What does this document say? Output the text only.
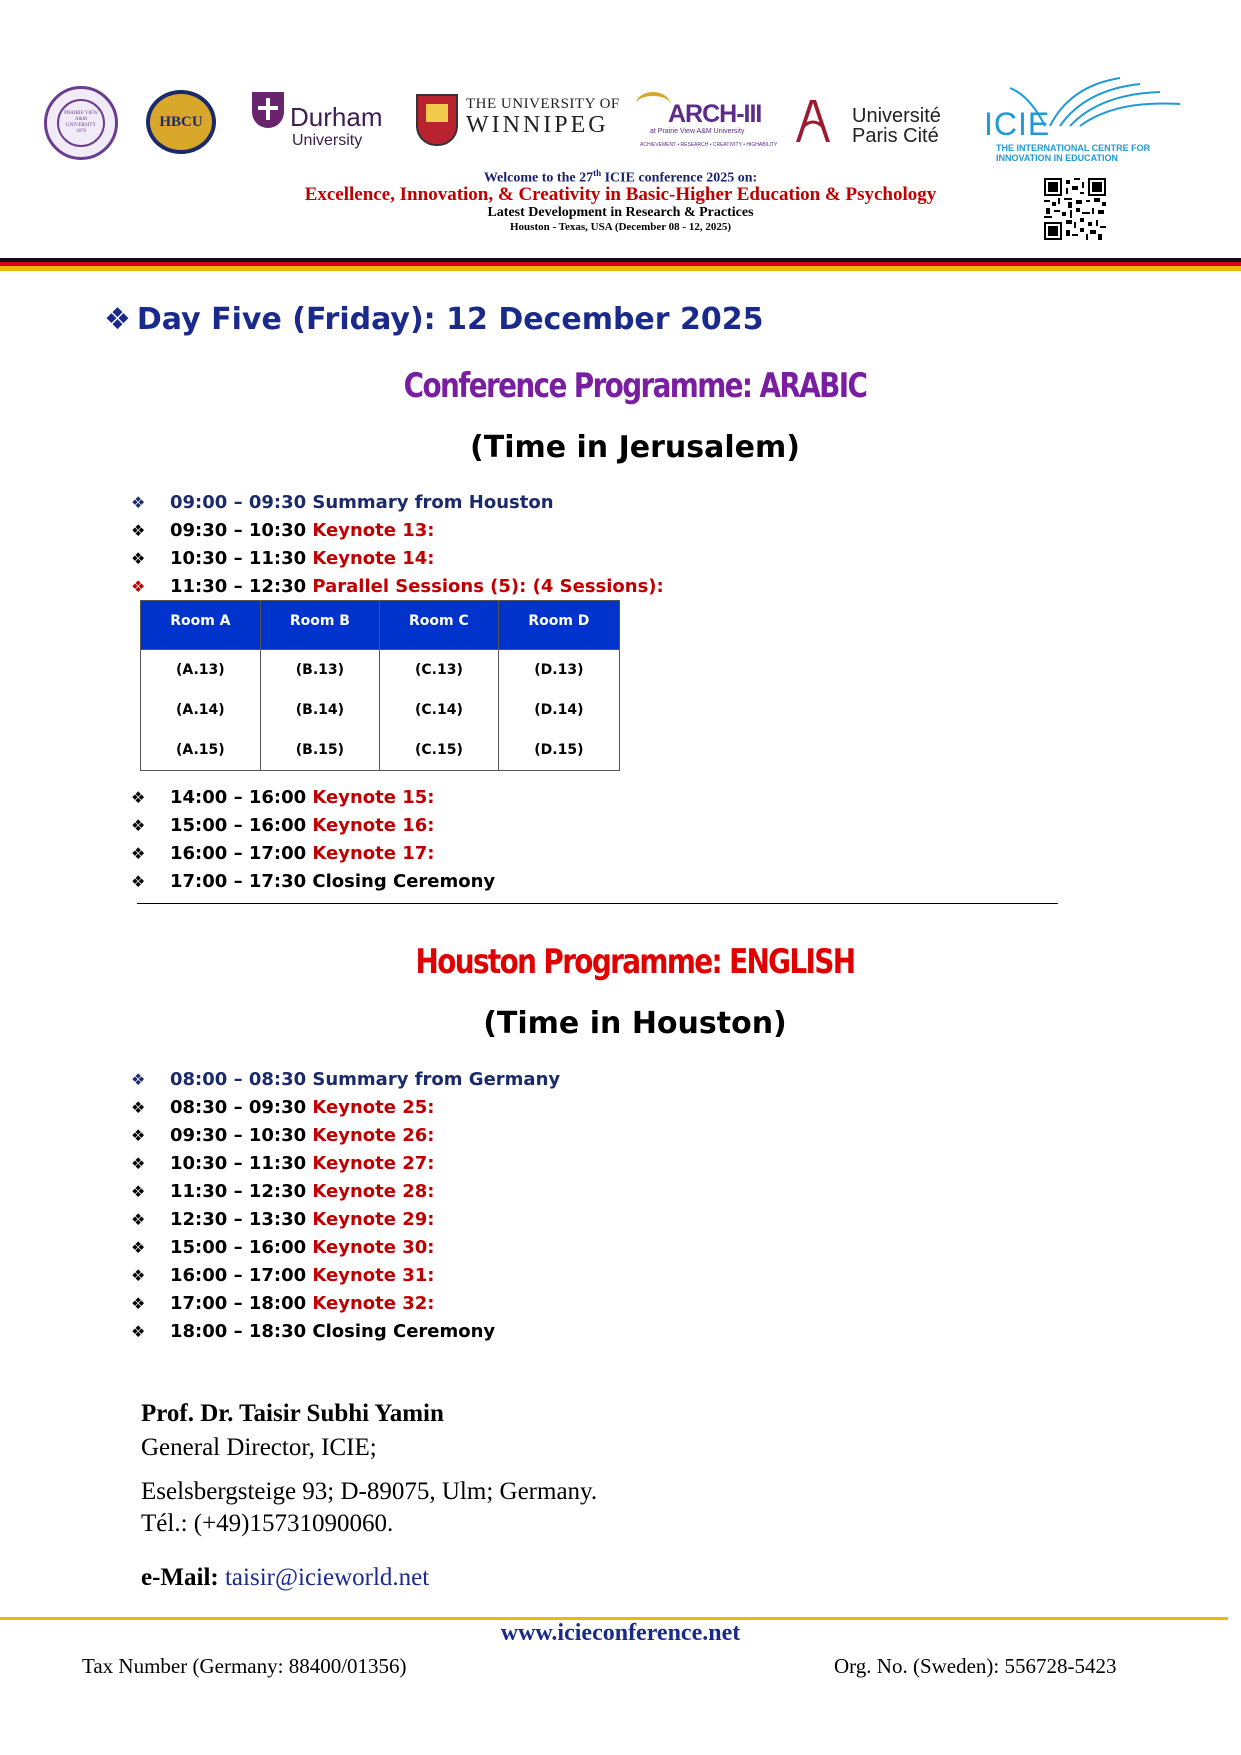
PRAIRIE VIEW A&M UNIVERSITY 1876
HBCU	Durham
University
THE UNIVERSITY OF
WINNIPEG ARCH-III
at Prairie View A&M University
ACHIEVEMENT • RESEARCH • CREATIVITY • HIGHABILITY
Université
Paris Cité ICIE
THE INTERNATIONAL CENTRE FOR
INNOVATION IN EDUCATION
Welcome to the 27th ICIE conference 2025 on:
Excellence, Innovation, & Creativity in Basic-Higher Education & Psychology
Latest Development in Research & Practices
Houston - Texas, USA (December 08 - 12, 2025)
❖ Day Five (Friday): 12 December 2025
Conference Programme: ARABIC
(Time in Jerusalem)
❖ 09:00 – 09:30 Summary from Houston
❖ 09:30 – 10:30 Keynote 13:
❖ 10:30 – 11:30 Keynote 14:
❖ 11:30 – 12:30 Parallel Sessions (5): (4 Sessions):
Room A	Room B	Room C	Room D
(A.13)	(B.13)	(C.13)	(D.13)
(A.14)	(B.14)	(C.14)	(D.14)
(A.15)	(B.15)	(C.15)	(D.15)
❖ 14:00 – 16:00 Keynote 15:
❖ 15:00 – 16:00 Keynote 16:
❖ 16:00 – 17:00 Keynote 17:
❖ 17:00 – 17:30 Closing Ceremony
Houston Programme: ENGLISH
(Time in Houston)
❖ 08:00 – 08:30 Summary from Germany
❖ 08:30 – 09:30 Keynote 25:
❖ 09:30 – 10:30 Keynote 26:
❖ 10:30 – 11:30 Keynote 27:
❖ 11:30 – 12:30 Keynote 28:
❖ 12:30 – 13:30 Keynote 29:
❖ 15:00 – 16:00 Keynote 30:
❖ 16:00 – 17:00 Keynote 31:
❖ 17:00 – 18:00 Keynote 32:
❖ 18:00 – 18:30 Closing Ceremony
Prof. Dr. Taisir Subhi Yamin
General Director, ICIE;
Eselsbergsteige 93; D-89075, Ulm; Germany.
Tél.: (+49)15731090060.
e-Mail: taisir@icieworld.net
www.icieconference.net
Tax Number (Germany: 88400/01356)	Org. No. (Sweden): 556728-5423
